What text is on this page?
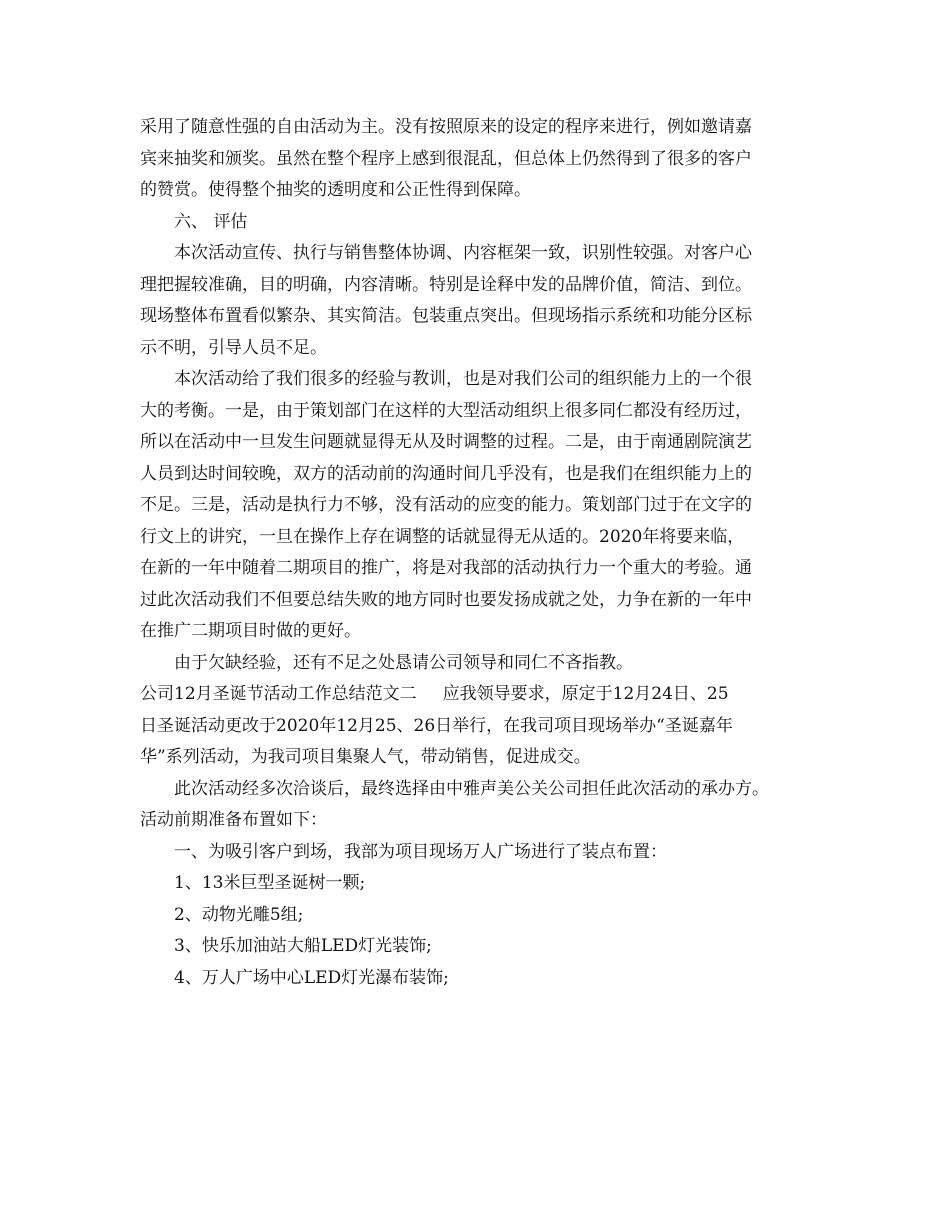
采用了随意性强的自由活动为主。没有按照原来的设定的程序来进行，例如邀请嘉
宾来抽奖和颁奖。虽然在整个程序上感到很混乱，但总体上仍然得到了很多的客户
的赞赏。使得整个抽奖的透明度和公正性得到保障。
六、 评估
本次活动宣传、执行与销售整体协调、内容框架一致，识别性较强。对客户心
理把握较准确，目的明确，内容清晰。特别是诠释中发的品牌价值，简洁、到位。
现场整体布置看似繁杂、其实简洁。包装重点突出。但现场指示系统和功能分区标
示不明，引导人员不足。
本次活动给了我们很多的经验与教训，也是对我们公司的组织能力上的一个很
大的考衡。一是，由于策划部门在这样的大型活动组织上很多同仁都没有经历过，
所以在活动中一旦发生问题就显得无从及时调整的过程。二是，由于南通剧院演艺
人员到达时间较晚，双方的活动前的沟通时间几乎没有，也是我们在组织能力上的
不足。三是，活动是执行力不够，没有活动的应变的能力。策划部门过于在文字的
行文上的讲究，一旦在操作上存在调整的话就显得无从适的。2020年将要来临，
在新的一年中随着二期项目的推广，将是对我部的活动执行力一个重大的考验。通
过此次活动我们不但要总结失败的地方同时也要发扬成就之处，力争在新的一年中
在推广二期项目时做的更好。
由于欠缺经验，还有不足之处恳请公司领导和同仁不吝指教。
公司12月圣诞节活动工作总结范文二 应我领导要求，原定于12月24日、25
日圣诞活动更改于2020年12月25、26日举行，在我司项目现场举办“圣诞嘉年
华”系列活动，为我司项目集聚人气，带动销售，促进成交。
此次活动经多次洽谈后，最终选择由中雅声美公关公司担任此次活动的承办方。
活动前期准备布置如下：
一、为吸引客户到场，我部为项目现场万人广场进行了装点布置：
1、13米巨型圣诞树一颗;
2、动物光雕5组;
3、快乐加油站大船LED灯光装饰;
4、万人广场中心LED灯光瀑布装饰;
